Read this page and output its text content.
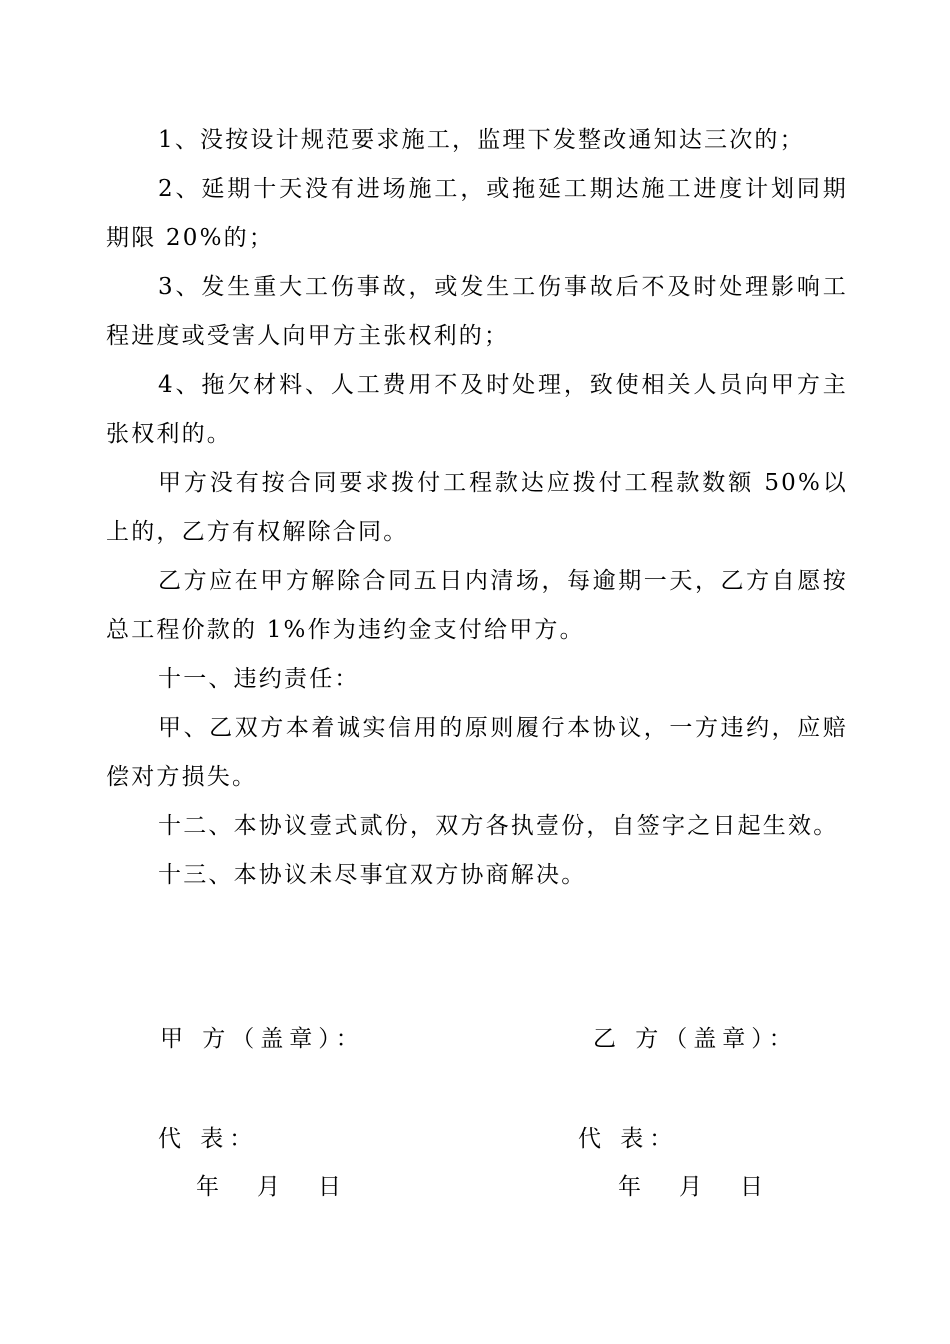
1、没按设计规范要求施工，监理下发整改通知达三次的；

2、延期十天没有进场施工，或拖延工期达施工进度计划同期期限 20%的；

3、发生重大工伤事故，或发生工伤事故后不及时处理影响工程进度或受害人向甲方主张权利的；

4、拖欠材料、人工费用不及时处理，致使相关人员向甲方主张权利的。

甲方没有按合同要求拨付工程款达应拨付工程款数额 50%以上的，乙方有权解除合同。

乙方应在甲方解除合同五日内清场，每逾期一天，乙方自愿按总工程价款的 1%作为违约金支付给甲方。

十一、违约责任：

甲、乙双方本着诚实信用的原则履行本协议，一方违约，应赔偿对方损失。

十二、本协议壹式贰份，双方各执壹份，自签字之日起生效。

十三、本协议未尽事宜双方协商解决。

甲 方（盖章）：	乙 方（盖章）：
代 表：	代 表：
年 月 日	年 月 日
